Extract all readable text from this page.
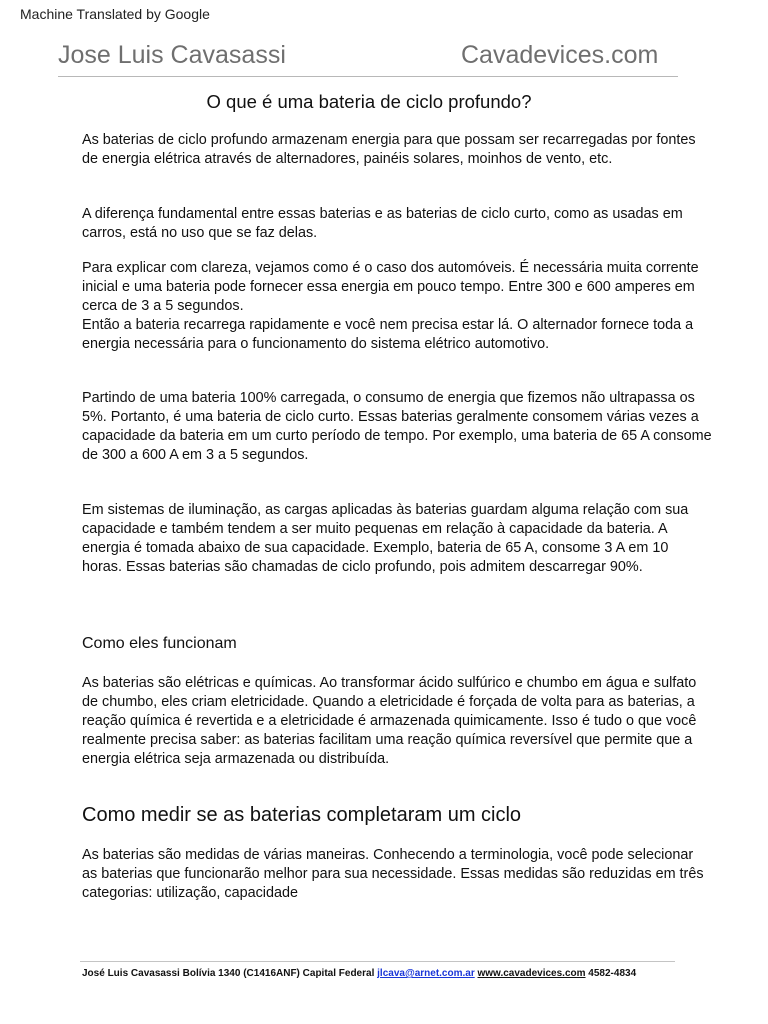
Machine Translated by Google
Jose Luis Cavasassi	Cavadevices.com
O que é uma bateria de ciclo profundo?
As baterias de ciclo profundo armazenam energia para que possam ser recarregadas por fontes
de energia elétrica através de alternadores, painéis solares, moinhos de vento, etc.
A diferença fundamental entre essas baterias e as baterias de ciclo curto, como as usadas em
carros, está no uso que se faz delas.
Para explicar com clareza, vejamos como é o caso dos automóveis. É necessária muita corrente
inicial e uma bateria pode fornecer essa energia em pouco tempo. Entre 300 e 600 amperes em
cerca de 3 a 5 segundos.
Então a bateria recarrega rapidamente e você nem precisa estar lá. O alternador fornece toda a
energia necessária para o funcionamento do sistema elétrico automotivo.
Partindo de uma bateria 100% carregada, o consumo de energia que fizemos não ultrapassa os
5%. Portanto, é uma bateria de ciclo curto. Essas baterias geralmente consomem várias vezes a
capacidade da bateria em um curto período de tempo. Por exemplo, uma bateria de 65 A consome
de 300 a 600 A em 3 a 5 segundos.
Em sistemas de iluminação, as cargas aplicadas às baterias guardam alguma relação com sua
capacidade e também tendem a ser muito pequenas em relação à capacidade da bateria. A
energia é tomada abaixo de sua capacidade. Exemplo, bateria de 65 A, consome 3 A em 10
horas. Essas baterias são chamadas de ciclo profundo, pois admitem descarregar 90%.
Como eles funcionam
As baterias são elétricas e químicas. Ao transformar ácido sulfúrico e chumbo em água e sulfato
de chumbo, eles criam eletricidade. Quando a eletricidade é forçada de volta para as baterias, a
reação química é revertida e a eletricidade é armazenada quimicamente. Isso é tudo o que você
realmente precisa saber: as baterias facilitam uma reação química reversível que permite que a
energia elétrica seja armazenada ou distribuída.
Como medir se as baterias completaram um ciclo
As baterias são medidas de várias maneiras. Conhecendo a terminologia, você pode selecionar
as baterias que funcionarão melhor para sua necessidade. Essas medidas são reduzidas em três
categorias: utilização, capacidade
José Luis Cavasassi Bolívia 1340 (C1416ANF) Capital Federal jlcava@arnet.com.ar www.cavadevices.com 4582-4834
